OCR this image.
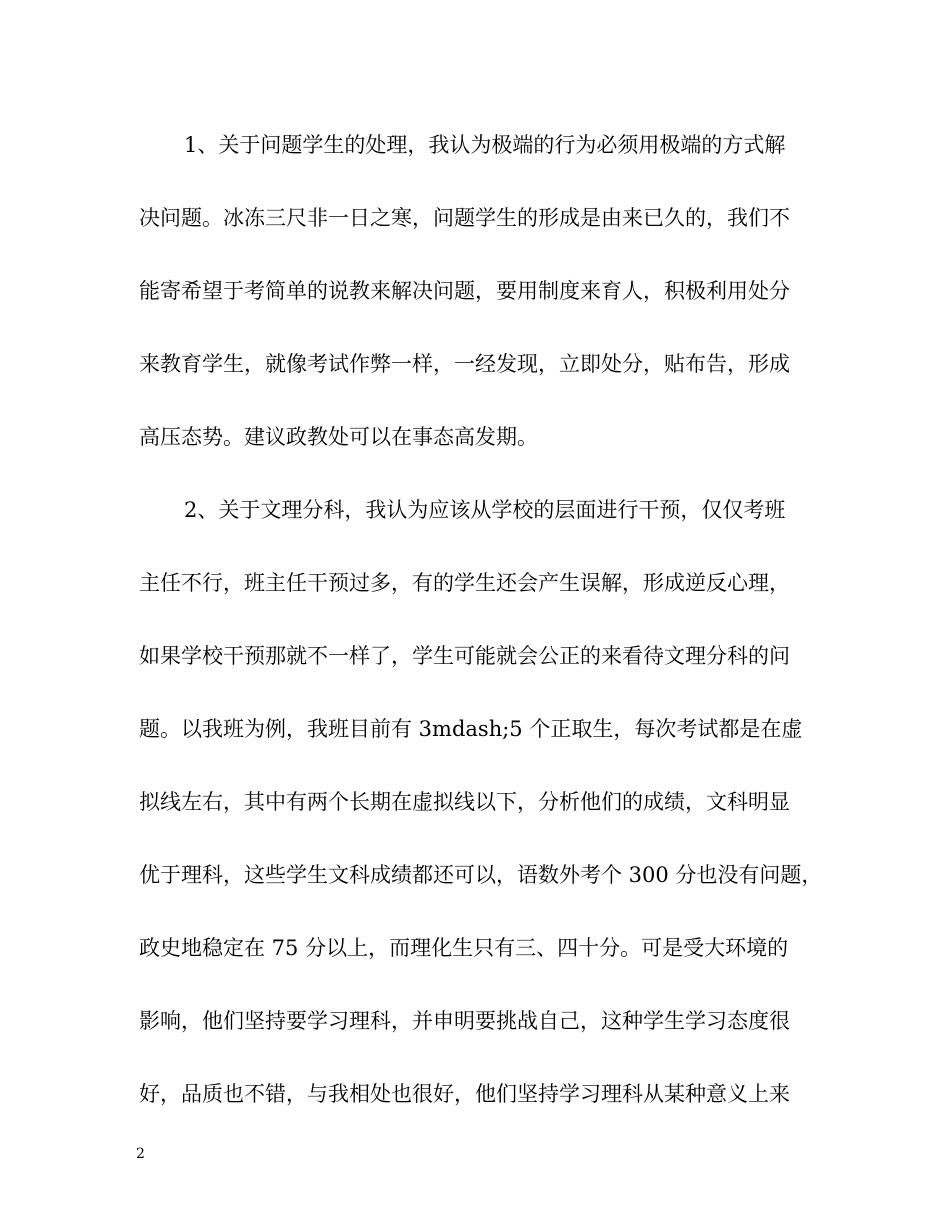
1、关于问题学生的处理，我认为极端的行为必须用极端的方式解
决问题。冰冻三尺非一日之寒，问题学生的形成是由来已久的，我们不
能寄希望于考简单的说教来解决问题，要用制度来育人，积极利用处分
来教育学生，就像考试作弊一样，一经发现，立即处分，贴布告，形成
高压态势。建议政教处可以在事态高发期。
2、关于文理分科，我认为应该从学校的层面进行干预，仅仅考班
主任不行，班主任干预过多，有的学生还会产生误解，形成逆反心理，
如果学校干预那就不一样了，学生可能就会公正的来看待文理分科的问
题。以我班为例，我班目前有 3mdash;5 个正取生，每次考试都是在虚
拟线左右，其中有两个长期在虚拟线以下，分析他们的成绩，文科明显
优于理科，这些学生文科成绩都还可以，语数外考个 300 分也没有问题，
政史地稳定在 75 分以上，而理化生只有三、四十分。可是受大环境的
影响，他们坚持要学习理科，并申明要挑战自己，这种学生学习态度很
好，品质也不错，与我相处也很好，他们坚持学习理科从某种意义上来
2
